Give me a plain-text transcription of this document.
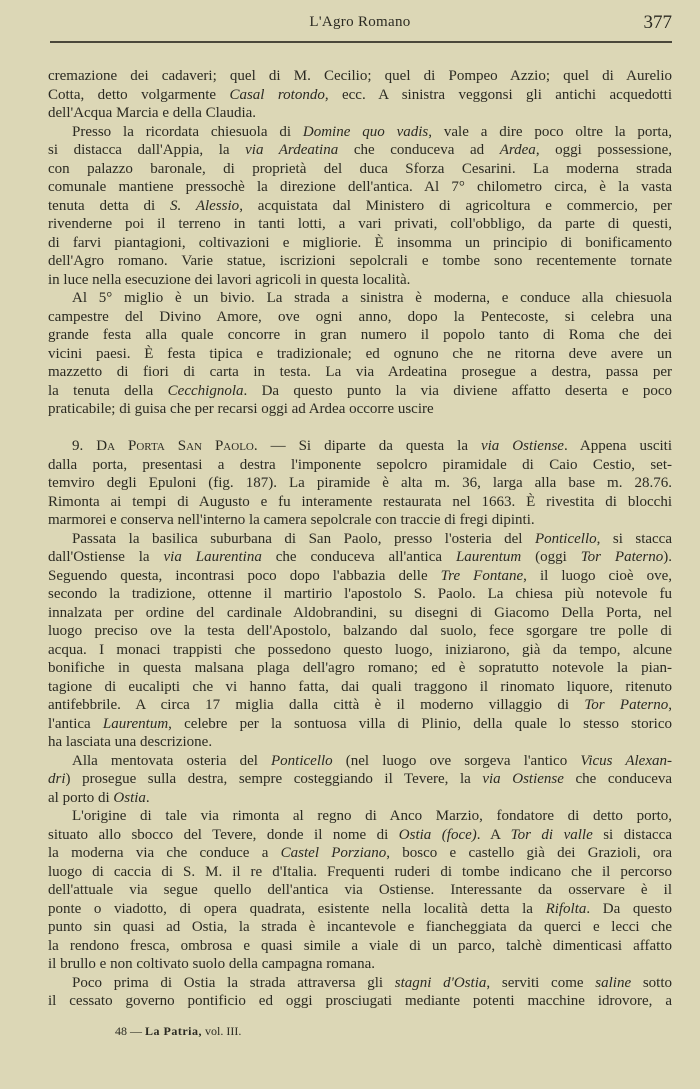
L'Agro Romano	377
cremazione dei cadaveri; quel di M. Cecilio; quel di Pompeo Azzio; quel di Aurelio
Cotta, detto volgarmente Casal rotondo, ecc. A sinistra veggonsi gli antichi acquedotti
dell'Acqua Marcia e della Claudia.
Presso la ricordata chiesuola di Domine quo vadis, vale a dire poco oltre la porta,
si distacca dall'Appia, la via Ardeatina che conduceva ad Ardea, oggi possessione,
con palazzo baronale, di proprietà del duca Sforza Cesarini. La moderna strada
comunale mantiene pressochè la direzione dell'antica. Al 7° chilometro circa, è la vasta
tenuta detta di S. Alessio, acquistata dal Ministero di agricoltura e commercio, per
rivenderne poi il terreno in tanti lotti, a vari privati, coll'obbligo, da parte di questi,
di farvi piantagioni, coltivazioni e migliorie. È insomma un principio di bonificamento
dell'Agro romano. Varie statue, iscrizioni sepolcrali e tombe sono recentemente tornate
in luce nella esecuzione dei lavori agricoli in questa località.
Al 5° miglio è un bivio. La strada a sinistra è moderna, e conduce alla chiesuola
campestre del Divino Amore, ove ogni anno, dopo la Pentecoste, si celebra una
grande festa alla quale concorre in gran numero il popolo tanto di Roma che dei
vicini paesi. È festa tipica e tradizionale; ed ognuno che ne ritorna deve avere un
mazzetto di fiori di carta in testa. La via Ardeatina prosegue a destra, passa per
la tenuta della Cecchignola. Da questo punto la via diviene affatto deserta e poco
praticabile; di guisa che per recarsi oggi ad Ardea occorre uscire
9. Da Porta San Paolo. — Si diparte da questa la via Ostiense. Appena usciti
dalla porta, presentasi a destra l'imponente sepolcro piramidale di Caio Cestio, set-
temviro degli Epuloni (fig. 187). La piramide è alta m. 36, larga alla base m. 28.76.
Rimonta ai tempi di Augusto e fu interamente restaurata nel 1663. È rivestita di blocchi
marmorei e conserva nell'interno la camera sepolcrale con traccie di fregi dipinti.
Passata la basilica suburbana di San Paolo, presso l'osteria del Ponticello, si stacca
dall'Ostiense la via Laurentina che conduceva all'antica Laurentum (oggi Tor Paterno).
Seguendo questa, incontrasi poco dopo l'abbazia delle Tre Fontane, il luogo cioè ove,
secondo la tradizione, ottenne il martirio l'apostolo S. Paolo. La chiesa più notevole fu
innalzata per ordine del cardinale Aldobrandini, su disegni di Giacomo Della Porta, nel
luogo preciso ove la testa dell'Apostolo, balzando dal suolo, fece sgorgare tre polle di
acqua. I monaci trappisti che possedono questo luogo, iniziarono, già da tempo, alcune
bonifiche in questa malsana plaga dell'agro romano; ed è sopratutto notevole la pian-
tagione di eucalipti che vi hanno fatta, dai quali traggono il rinomato liquore, ritenuto
antifebbrile. A circa 17 miglia dalla città è il moderno villaggio di Tor Paterno,
l'antica Laurentum, celebre per la sontuosa villa di Plinio, della quale lo stesso storico
ha lasciata una descrizione.
Alla mentovata osteria del Ponticello (nel luogo ove sorgeva l'antico Vicus Alexan-
dri) prosegue sulla destra, sempre costeggiando il Tevere, la via Ostiense che conduceva
al porto di Ostia.
L'origine di tale via rimonta al regno di Anco Marzio, fondatore di detto porto,
situato allo sbocco del Tevere, donde il nome di Ostia (foce). A Tor di valle si distacca
la moderna via che conduce a Castel Porziano, bosco e castello già dei Grazioli, ora
luogo di caccia di S. M. il re d'Italia. Frequenti ruderi di tombe indicano che il percorso
dell'attuale via segue quello dell'antica via Ostiense. Interessante da osservare è il
ponte o viadotto, di opera quadrata, esistente nella località detta la Rifolta. Da questo
punto sin quasi ad Ostia, la strada è incantevole e fiancheggiata da querci e lecci che
la rendono fresca, ombrosa e quasi simile a viale di un parco, talchè dimenticasi affatto
il brullo e non coltivato suolo della campagna romana.
Poco prima di Ostia la strada attraversa gli stagni d'Ostia, serviti come saline sotto
il cessato governo pontificio ed oggi prosciugati mediante potenti macchine idrovore, a
48 — La Patria, vol. III.
